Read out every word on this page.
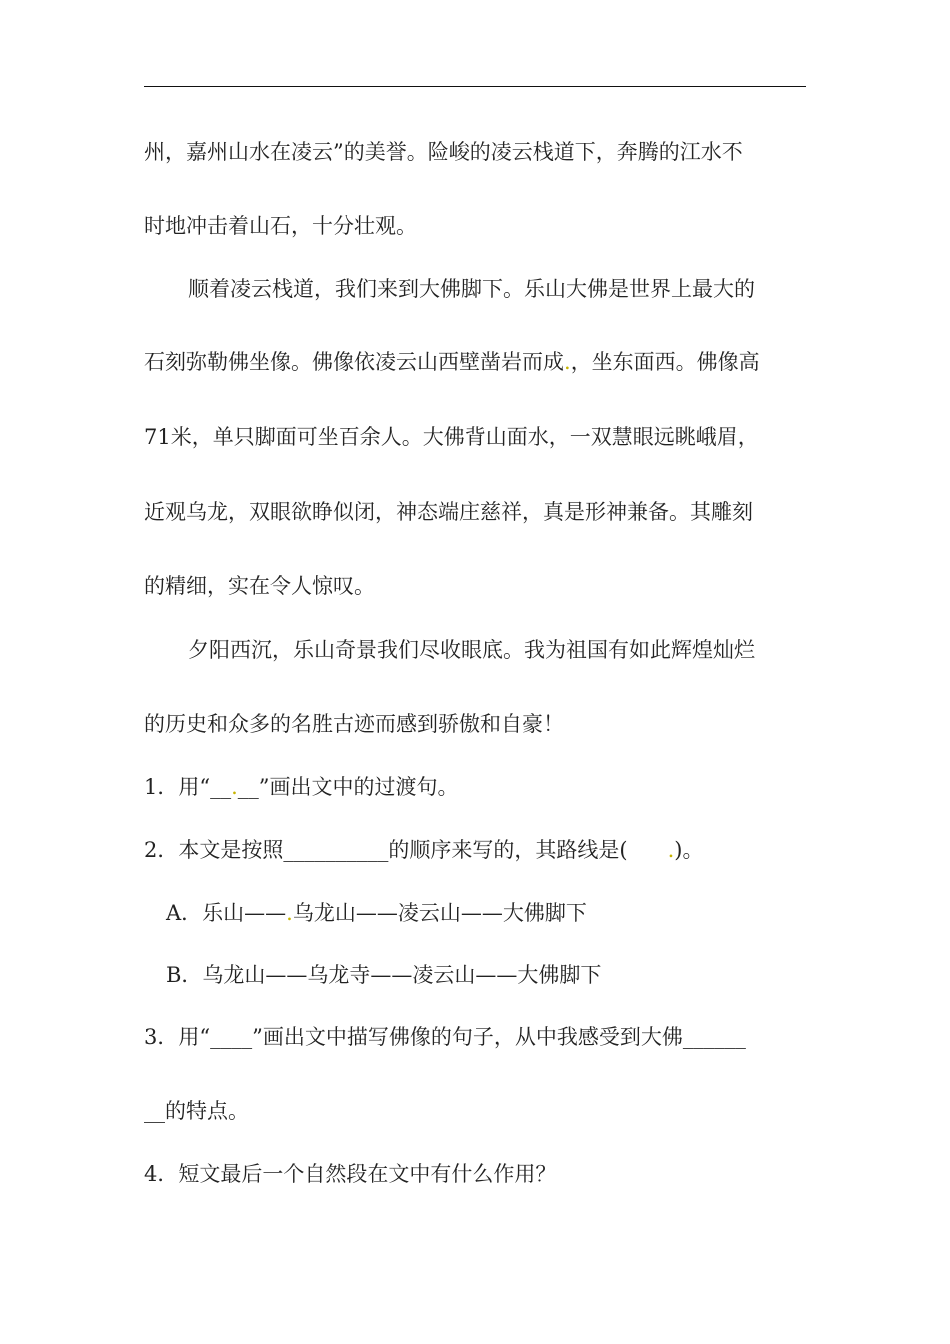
州，嘉州山水在凌云”的美誉。险峻的凌云栈道下，奔腾的江水不
时地冲击着山石，十分壮观。
顺着凌云栈道，我们来到大佛脚下。乐山大佛是世界上最大的
石刻弥勒佛坐像。佛像依凌云山西壁凿岩而成.，坐东面西。佛像高
71米，单只脚面可坐百余人。大佛背山面水，一双慧眼远眺峨眉，
近观乌龙，双眼欲睁似闭，神态端庄慈祥，真是形神兼备。其雕刻
的精细，实在令人惊叹。
夕阳西沉，乐山奇景我们尽收眼底。我为祖国有如此辉煌灿烂
的历史和众多的名胜古迹而感到骄傲和自豪！
1．用“__.__”画出文中的过渡句。
2．本文是按照__________的顺序来写的，其路线是( .)。
A．乐山——.乌龙山——凌云山——大佛脚下
B．乌龙山——乌龙寺——凌云山——大佛脚下
3．用“____”画出文中描写佛像的句子，从中我感受到大佛______
__的特点。
4．短文最后一个自然段在文中有什么作用？
